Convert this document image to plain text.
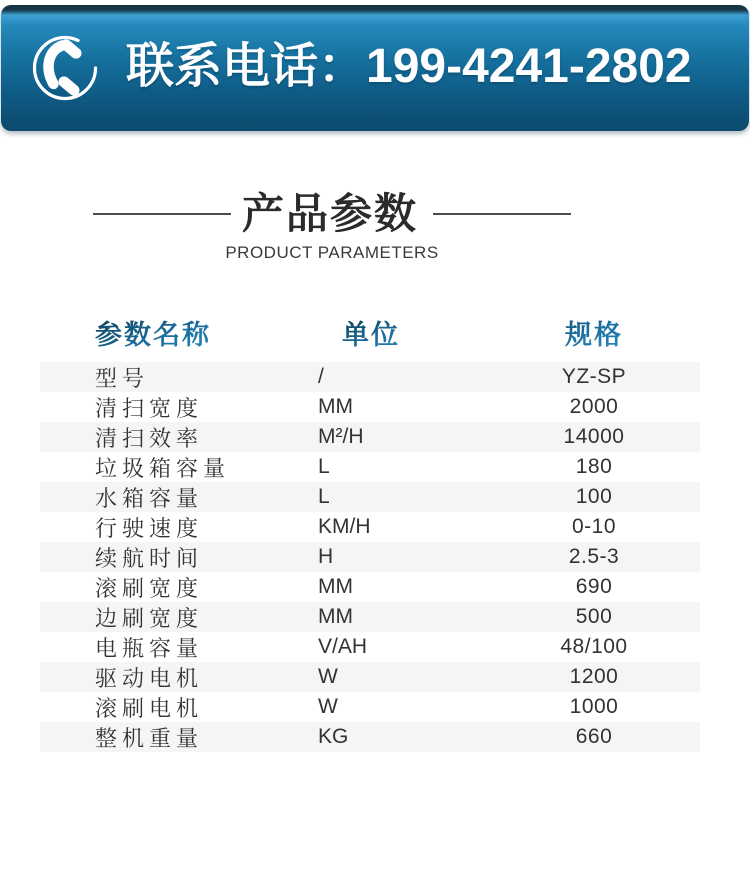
联系电话：199-4241-2802
产品参数
PRODUCT PARAMETERS
参数名称	单位	规格
型号	/	YZ-SP
清扫宽度	MM	2000
清扫效率	M²/H	14000
垃圾箱容量	L	180
水箱容量	L	100
行驶速度	KM/H	0-10
续航时间	H	2.5-3
滚刷宽度	MM	690
边刷宽度	MM	500
电瓶容量	V/AH	48/100
驱动电机	W	1200
滚刷电机	W	1000
整机重量	KG	660
